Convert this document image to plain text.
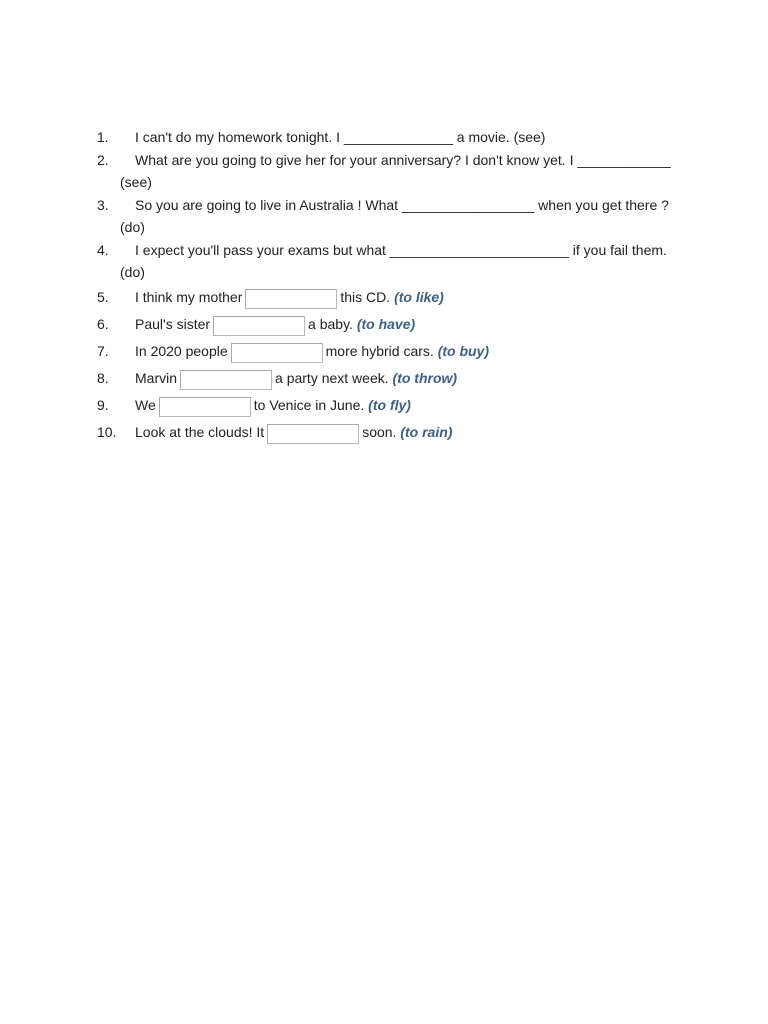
1. I can't do my homework tonight. I ______________ a movie. (see)
2. What are you going to give her for your anniversary? I don't know yet. I ____________ (see)
3. So you are going to live in Australia ! What _________________ when you get there ? (do)
4. I expect you'll pass your exams but what _______________________ if you fail them. (do)
5. I think my mother	this CD. (to like)
6. Paul's sister	a baby. (to have)
7. In 2020 people	more hybrid cars. (to buy)
8. Marvin	a party next week. (to throw)
9. We	to Venice in June. (to fly)
10. Look at the clouds! It	soon. (to rain)
